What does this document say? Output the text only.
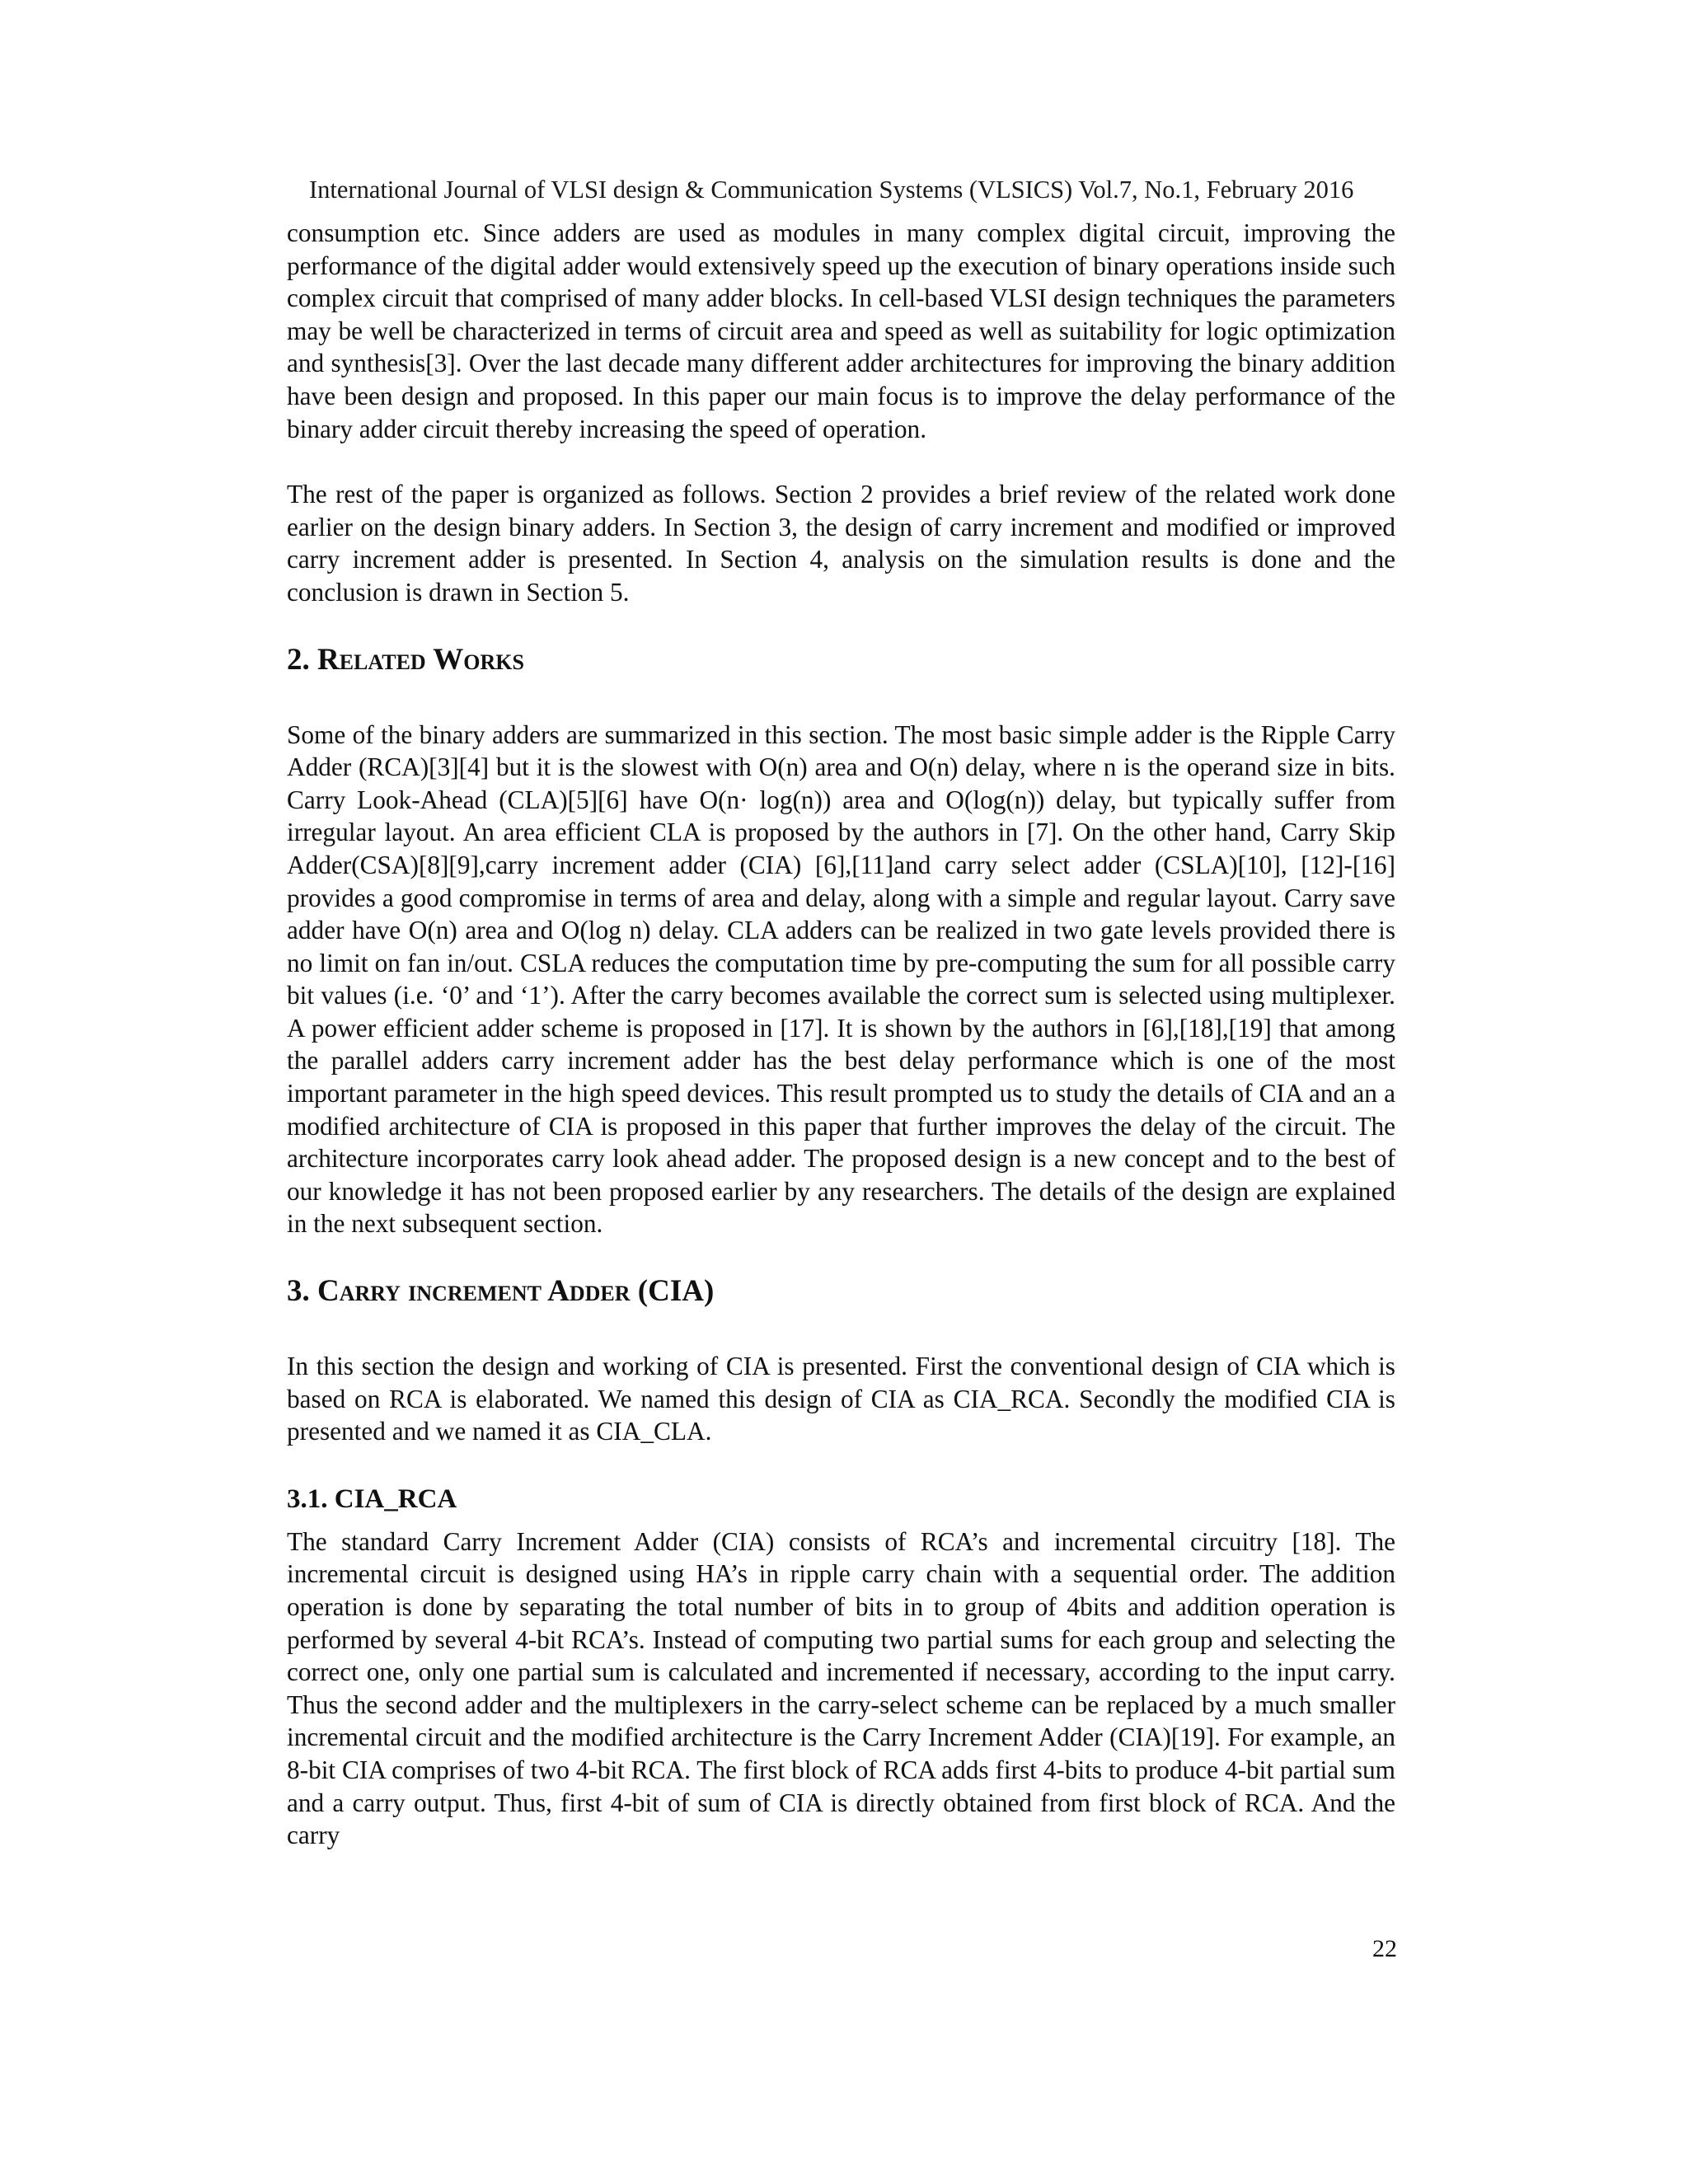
International Journal of VLSI design & Communication Systems (VLSICS) Vol.7, No.1, February 2016

consumption etc. Since adders are used as modules in many complex digital circuit, improving the performance of the digital adder would extensively speed up the execution of binary operations inside such complex circuit that comprised of many adder blocks. In cell-based VLSI design techniques the parameters may be well be characterized in terms of circuit area and speed as well as suitability for logic optimization and synthesis[3]. Over the last decade many different adder architectures for improving the binary addition have been design and proposed. In this paper our main focus is to improve the delay performance of the binary adder circuit thereby increasing the speed of operation.

The rest of the paper is organized as follows. Section 2 provides a brief review of the related work done earlier on the design binary adders. In Section 3, the design of carry increment and modified or improved carry increment adder is presented. In Section 4, analysis on the simulation results is done and the conclusion is drawn in Section 5.

2. Related Works

Some of the binary adders are summarized in this section. The most basic simple adder is the Ripple Carry Adder (RCA)[3][4] but it is the slowest with O(n) area and O(n) delay, where n is the operand size in bits. Carry Look-Ahead (CLA)[5][6] have O(n· log(n)) area and O(log(n)) delay, but typically suffer from irregular layout. An area efficient CLA is proposed by the authors in [7]. On the other hand, Carry Skip Adder(CSA)[8][9],carry increment adder (CIA) [6],[11]and carry select adder (CSLA)[10], [12]-[16] provides a good compromise in terms of area and delay, along with a simple and regular layout. Carry save adder have O(n) area and O(log n) delay. CLA adders can be realized in two gate levels provided there is no limit on fan in/out. CSLA reduces the computation time by pre-computing the sum for all possible carry bit values (i.e. ‘0’ and ‘1’). After the carry becomes available the correct sum is selected using multiplexer. A power efficient adder scheme is proposed in [17]. It is shown by the authors in [6],[18],[19] that among the parallel adders carry increment adder has the best delay performance which is one of the most important parameter in the high speed devices. This result prompted us to study the details of CIA and an a modified architecture of CIA is proposed in this paper that further improves the delay of the circuit. The architecture incorporates carry look ahead adder. The proposed design is a new concept and to the best of our knowledge it has not been proposed earlier by any researchers. The details of the design are explained in the next subsequent section.

3. Carry increment Adder (CIA)

In this section the design and working of CIA is presented. First the conventional design of CIA which is based on RCA is elaborated. We named this design of CIA as CIA_RCA. Secondly the modified CIA is presented and we named it as CIA_CLA.

3.1. CIA_RCA

The standard Carry Increment Adder (CIA) consists of RCA’s and incremental circuitry [18]. The incremental circuit is designed using HA’s in ripple carry chain with a sequential order. The addition operation is done by separating the total number of bits in to group of 4bits and addition operation is performed by several 4-bit RCA’s. Instead of computing two partial sums for each group and selecting the correct one, only one partial sum is calculated and incremented if necessary, according to the input carry. Thus the second adder and the multiplexers in the carry-select scheme can be replaced by a much smaller incremental circuit and the modified architecture is the Carry Increment Adder (CIA)[19]. For example, an 8-bit CIA comprises of two 4-bit RCA. The first block of RCA adds first 4-bits to produce 4-bit partial sum and a carry output. Thus, first 4-bit of sum of CIA is directly obtained from first block of RCA. And the carry

22
